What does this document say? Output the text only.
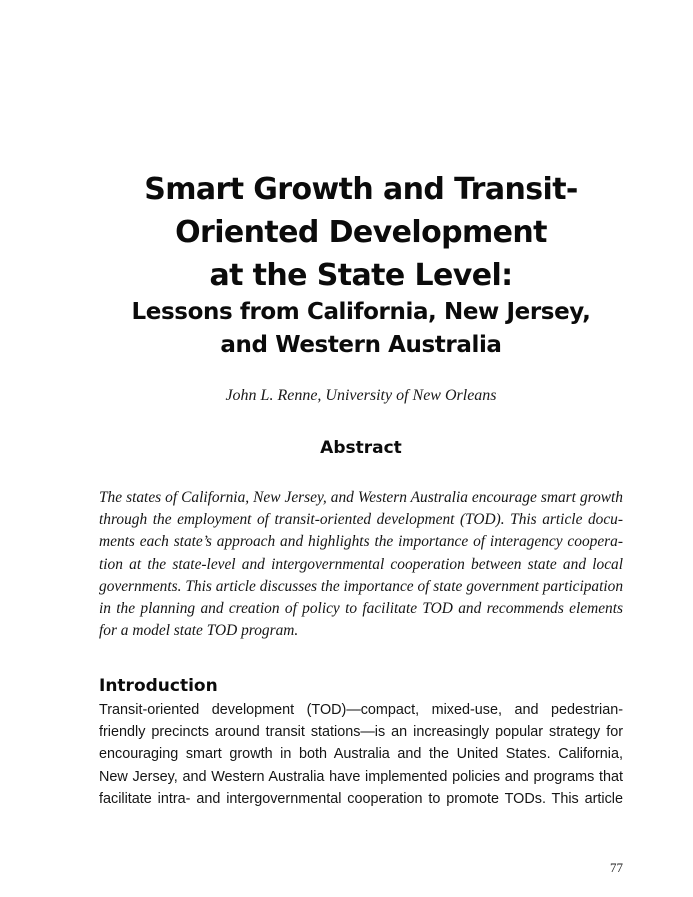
Smart Growth and Transit-
Oriented Development
at the State Level:
Lessons from California, New Jersey,
and Western Australia
John L. Renne, University of New Orleans
Abstract
The states of California, New Jersey, and Western Australia encourage smart growth
through the employment of transit-oriented development (TOD). This article docu-
ments each state’s approach and highlights the importance of interagency coopera-
tion at the state-level and intergovernmental cooperation between state and local
governments. This article discusses the importance of state government participation
in the planning and creation of policy to facilitate TOD and recommends elements
for a model state TOD program.
Introduction
Transit-oriented development (TOD)—compact, mixed-use, and pedestrian-
friendly precincts around transit stations—is an increasingly popular strategy for
encouraging smart growth in both Australia and the United States. California,
New Jersey, and Western Australia have implemented policies and programs that
facilitate intra- and intergovernmental cooperation to promote TODs. This article
77
